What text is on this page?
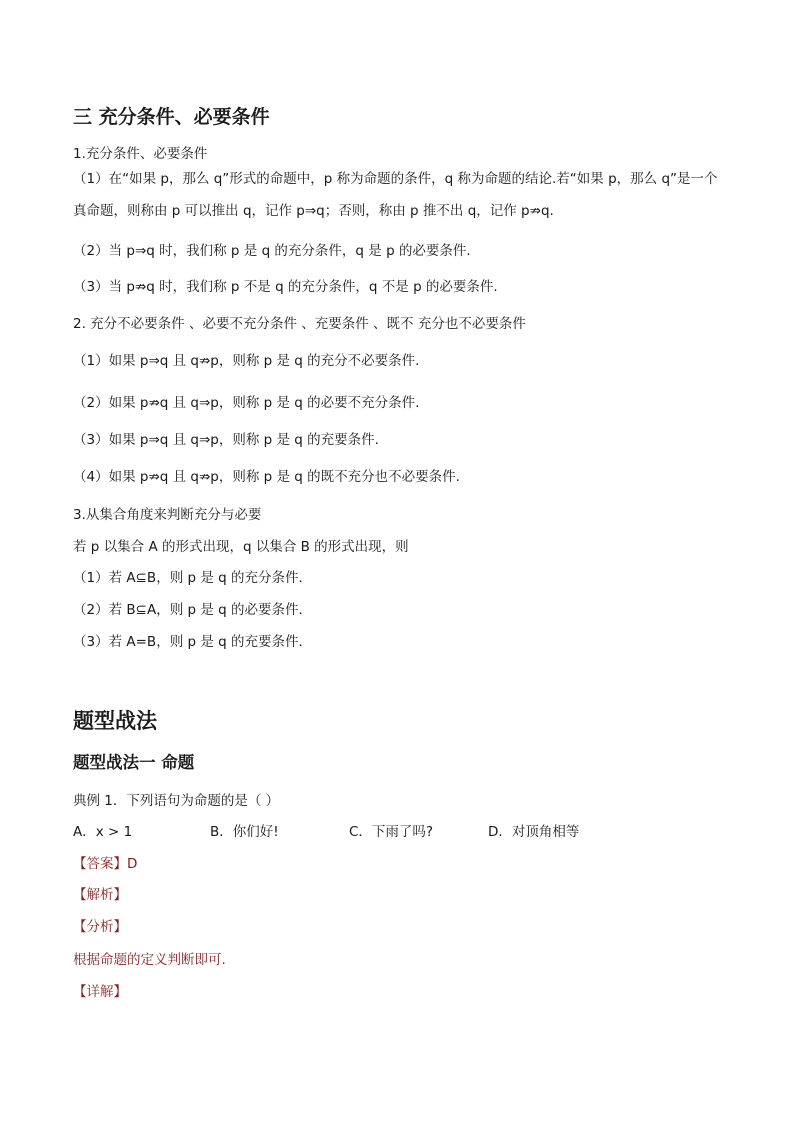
三 充分条件、必要条件
1.充分条件、必要条件
（1）在“如果 p，那么 q”形式的命题中，p 称为命题的条件，q 称为命题的结论.若“如果 p，那么 q”是一个
真命题，则称由 p 可以推出 q，记作 p⇒q；否则，称由 p 推不出 q，记作 p⇏q.
（2）当 p⇒q 时，我们称 p 是 q 的充分条件，q 是 p 的必要条件.
（3）当 p⇏q 时，我们称 p 不是 q 的充分条件，q 不是 p 的必要条件.
2. 充分不必要条件 、必要不充分条件 、充要条件 、既不 充分也不必要条件
（1）如果 p⇒q 且 q⇏p，则称 p 是 q 的充分不必要条件.
（2）如果 p⇏q 且 q⇒p，则称 p 是 q 的必要不充分条件.
（3）如果 p⇒q 且 q⇒p，则称 p 是 q 的充要条件.
（4）如果 p⇏q 且 q⇏p，则称 p 是 q 的既不充分也不必要条件.
3.从集合角度来判断充分与必要
若 p 以集合 A 的形式出现，q 以集合 B 的形式出现，则
（1）若 A⊆B，则 p 是 q 的充分条件.
（2）若 B⊆A，则 p 是 q 的必要条件.
（3）若 A=B，则 p 是 q 的充要条件.
题型战法
题型战法一 命题
典例 1．下列语句为命题的是（ ）
A．x > 1	B．你们好!	C．下雨了吗?	D．对顶角相等
【答案】D
【解析】
【分析】
根据命题的定义判断即可.
【详解】
